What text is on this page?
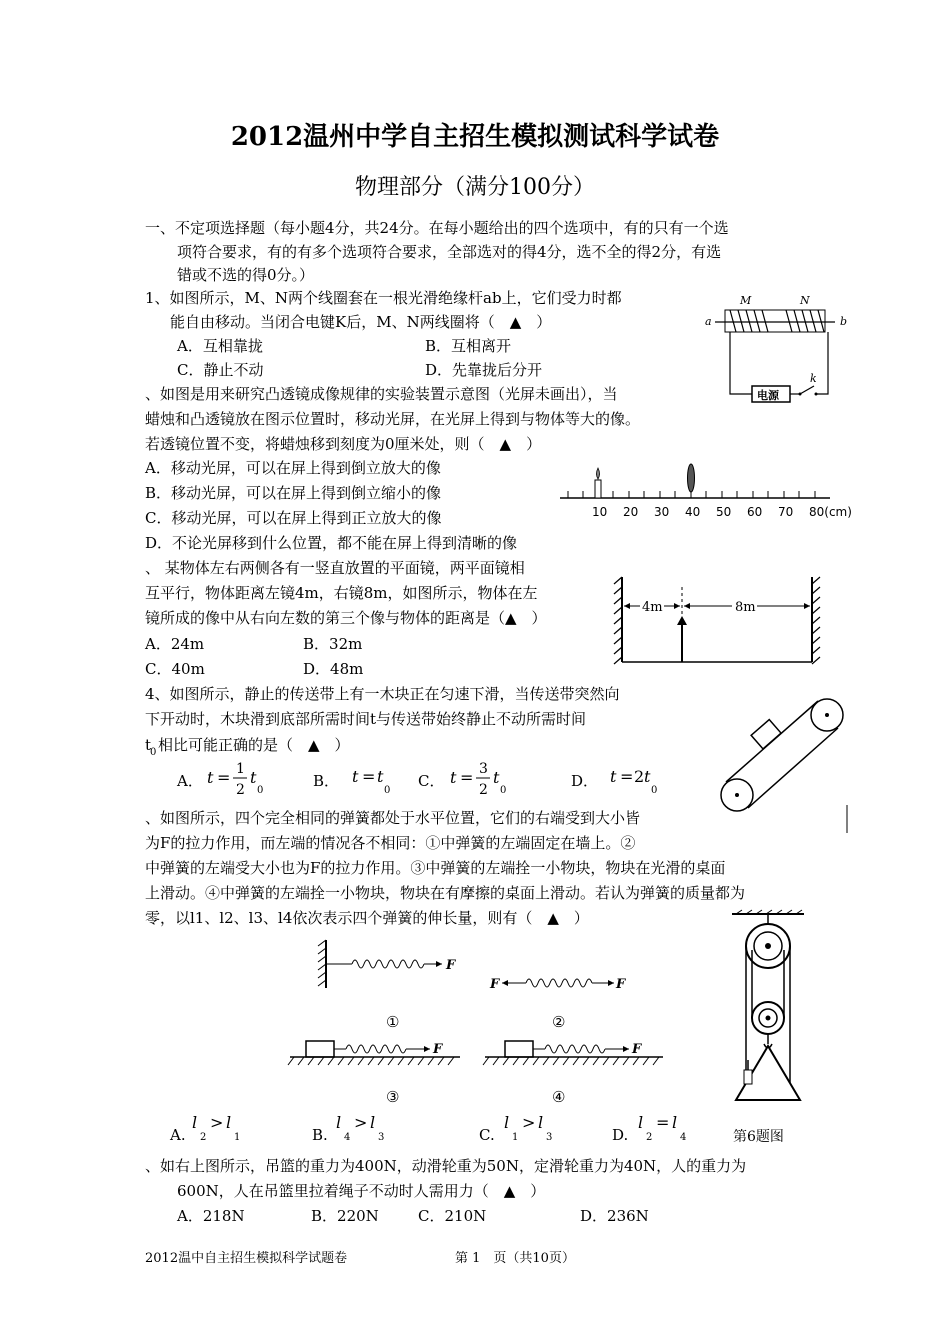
2012温州中学自主招生模拟测试科学试卷
物理部分（满分100分）
一、不定项选择题（每小题4分，共24分。在每小题给出的四个选项中，有的只有一个选
项符合要求，有的有多个选项符合要求，全部选对的得4分，选不全的得2分，有选
错或不选的得0分。）
1、如图所示，M、N两个线圈套在一根光滑绝缘杆ab上，它们受力时都
能自由移动。当闭合电键K后，M、N两线圈将（　▲　）
A．互相靠拢	B．互相离开
C．静止不动	D．先靠拢后分开
M	N
a	b
电源
k
、如图是用来研究凸透镜成像规律的实验装置示意图（光屏未画出），当
蜡烛和凸透镜放在图示位置时，移动光屏，在光屏上得到与物体等大的像。
若透镜位置不变，将蜡烛移到刻度为0厘米处，则（　▲　）
A．移动光屏，可以在屏上得到倒立放大的像
B．移动光屏，可以在屏上得到倒立缩小的像
C．移动光屏，可以在屏上得到正立放大的像
D．不论光屏移到什么位置，都不能在屏上得到清晰的像
10 20 30 40 50 60 70 80(cm)
、 某物体左右两侧各有一竖直放置的平面镜，两平面镜相
互平行，物体距离左镜4m，右镜8m，如图所示，物体在左
镜所成的像中从右向左数的第三个像与物体的距离是（▲　）
A．24m	B．32m
C．40m	D．48m
4m	8m
4、如图所示，静止的传送带上有一木块正在匀速下滑，当传送带突然向
下开动时，木块滑到底部所需时间t与传送带始终静止不动所需时间
t
0 相比可能正确的是（　▲　）
A． t = 1
2
t
0
B． t = t
0
C． t = 3
2
t
0
D． t = 2 t
0
、如图所示，四个完全相同的弹簧都处于水平位置，它们的右端受到大小皆
为F的拉力作用，而左端的情况各不相同：①中弹簧的左端固定在墙上。②
中弹簧的左端受大小也为F的拉力作用。③中弹簧的左端拴一小物块，物块在光滑的桌面
上滑动。④中弹簧的左端拴一小物块，物块在有摩擦的桌面上滑动。若认为弹簧的质量都为
零，以l1、l2、l3、l4依次表示四个弹簧的伸长量，则有（　▲　）
F
①
F	F
②
F
③
F
④
A.
l
2
> l
1	B.
l
4
> l
3	C.
l
1
> l
3	D.
l
2
= l
4	第6题图
、如右上图所示，吊篮的重力为400N，动滑轮重为50N，定滑轮重力为40N，人的重力为
600N，人在吊篮里拉着绳子不动时人需用力（　▲　）
A．218N	B．220N	C．210N	D．236N
2012温中自主招生模拟科学试题卷	第 1　页（共10页）
